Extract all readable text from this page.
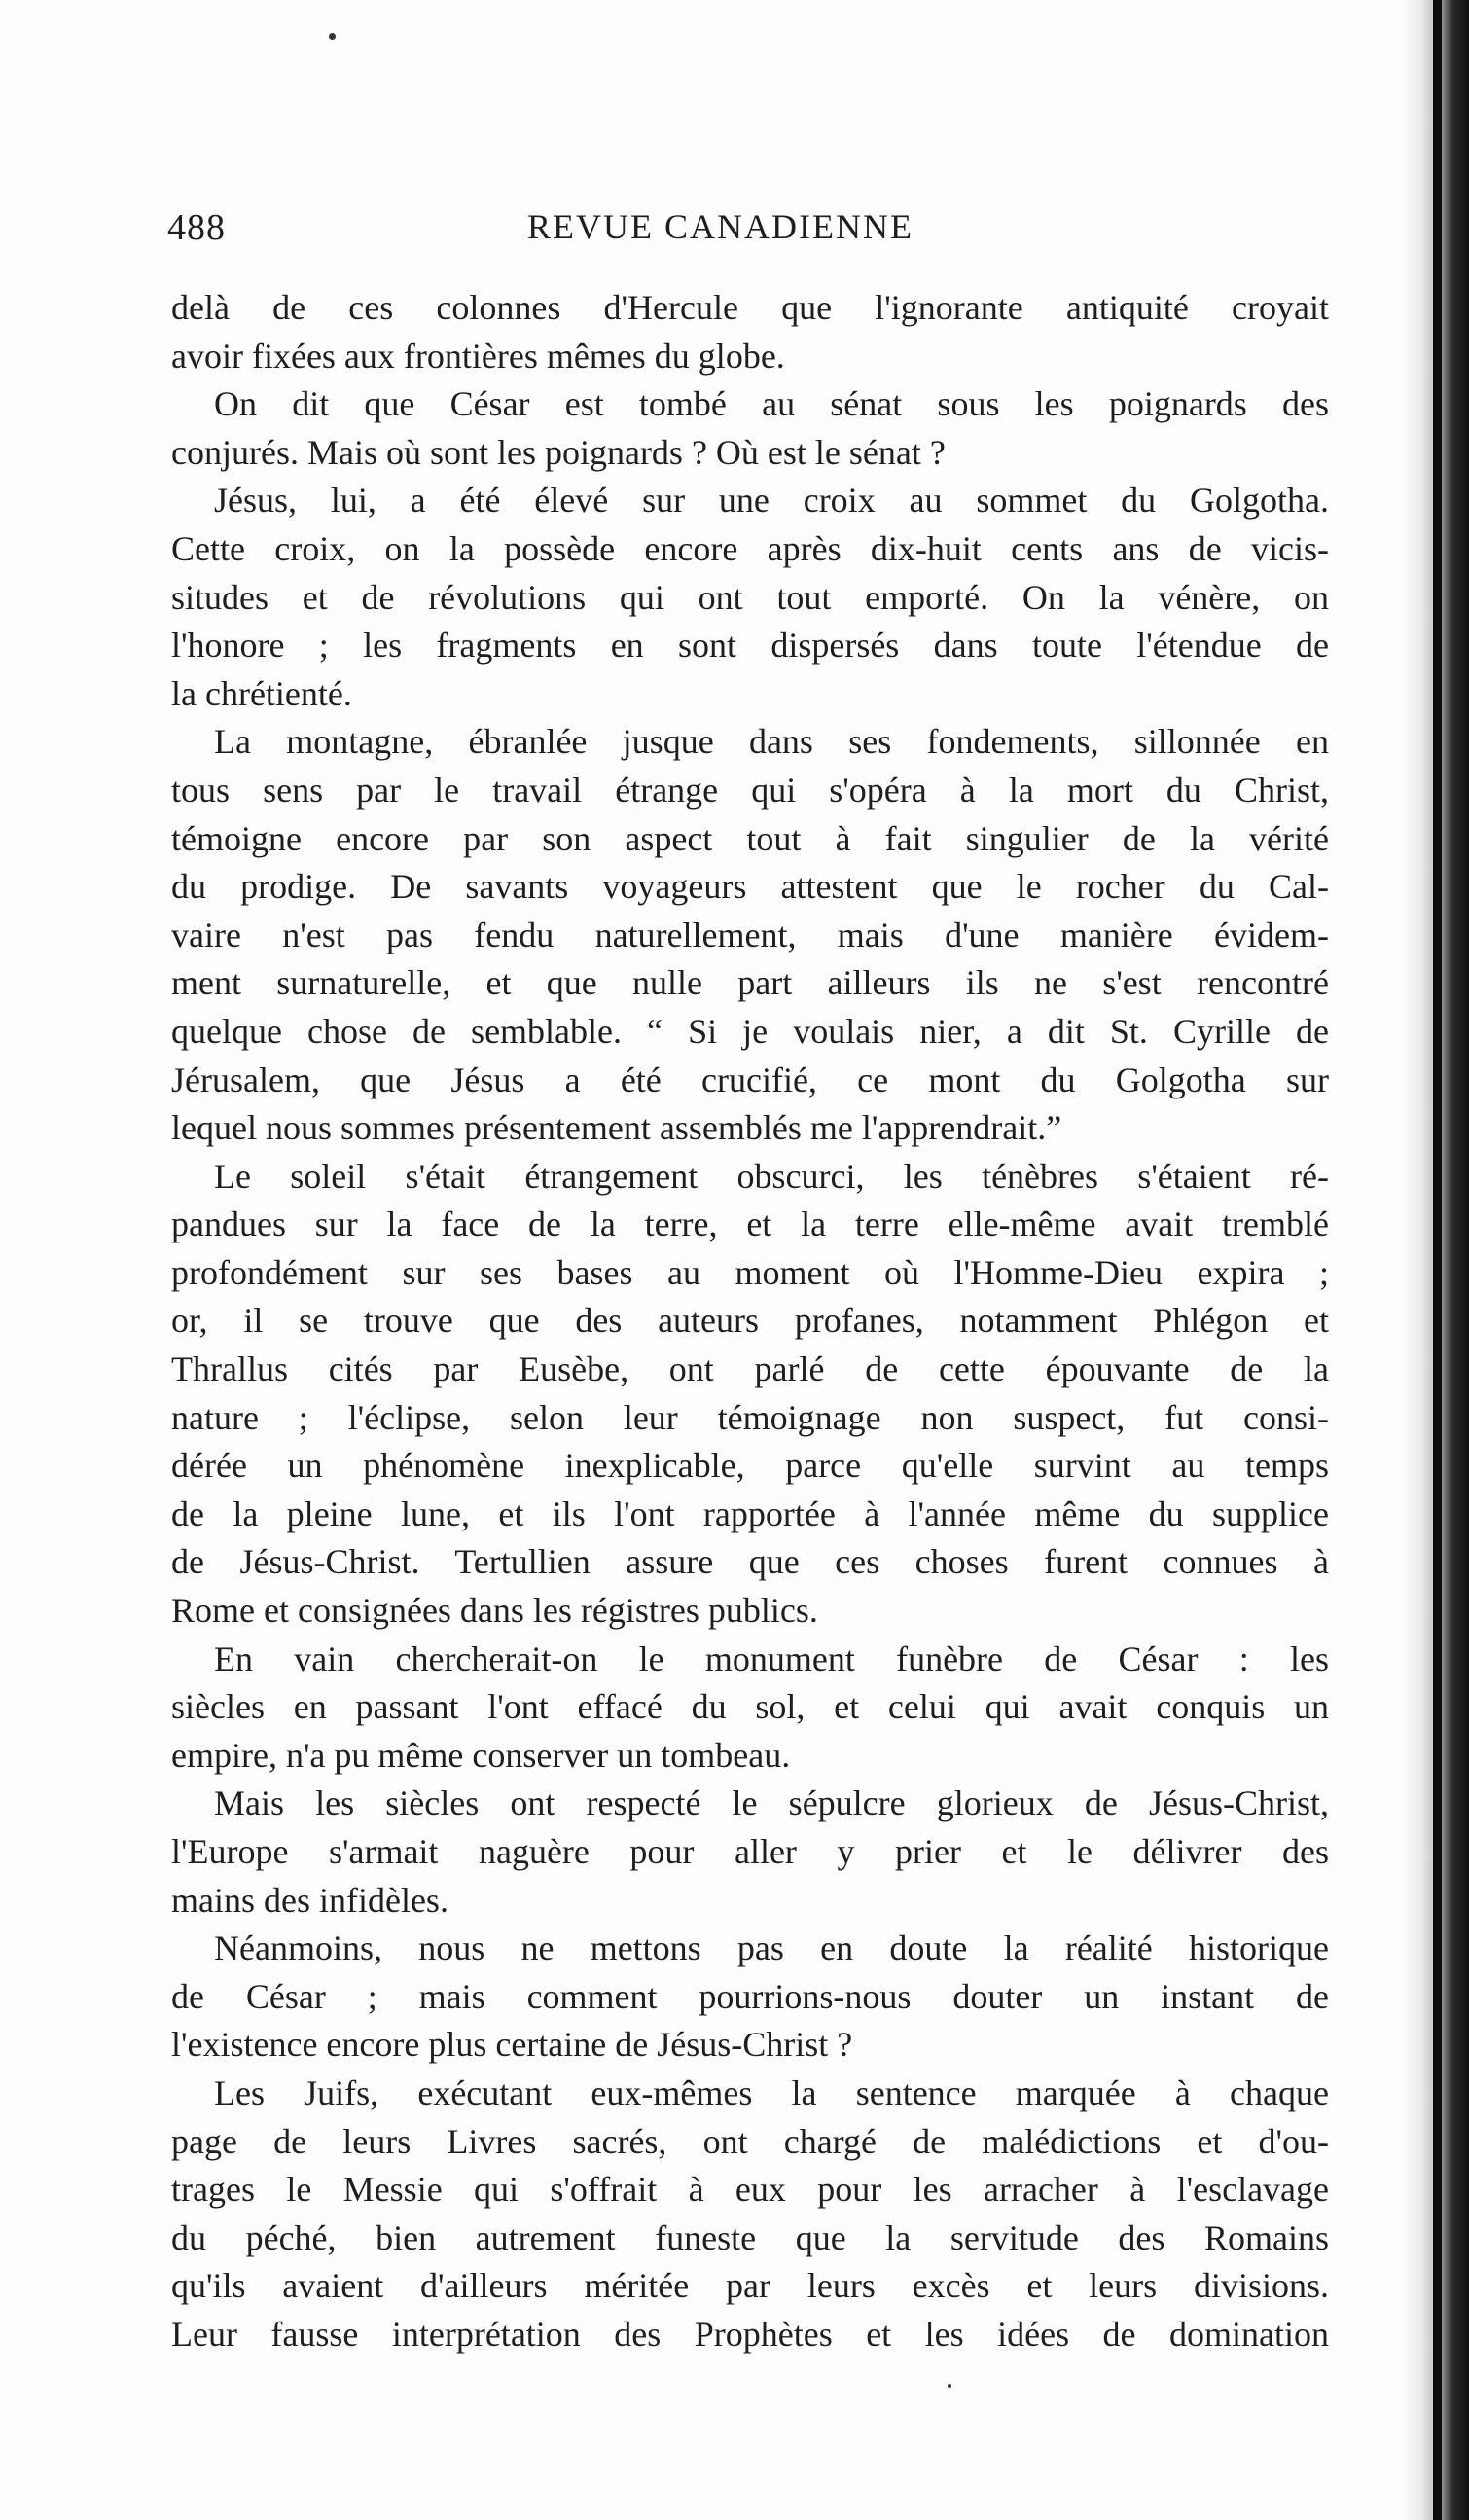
488	REVUE CANADIENNE
delà de ces colonnes d'Hercule que l'ignorante antiquité croyait
avoir fixées aux frontières mêmes du globe.
On dit que César est tombé au sénat sous les poignards des
conjurés. Mais où sont les poignards ? Où est le sénat ?
Jésus, lui, a été élevé sur une croix au sommet du Golgotha.
Cette croix, on la possède encore après dix-huit cents ans de vicis-
situdes et de révolutions qui ont tout emporté. On la vénère, on
l'honore ; les fragments en sont dispersés dans toute l'étendue de
la chrétienté.
La montagne, ébranlée jusque dans ses fondements, sillonnée en
tous sens par le travail étrange qui s'opéra à la mort du Christ,
témoigne encore par son aspect tout à fait singulier de la vérité
du prodige. De savants voyageurs attestent que le rocher du Cal-
vaire n'est pas fendu naturellement, mais d'une manière évidem-
ment surnaturelle, et que nulle part ailleurs ils ne s'est rencontré
quelque chose de semblable. “ Si je voulais nier, a dit St. Cyrille de
Jérusalem, que Jésus a été crucifié, ce mont du Golgotha sur
lequel nous sommes présentement assemblés me l'apprendrait.”
Le soleil s'était étrangement obscurci, les ténèbres s'étaient ré-
pandues sur la face de la terre, et la terre elle-même avait tremblé
profondément sur ses bases au moment où l'Homme-Dieu expira ;
or, il se trouve que des auteurs profanes, notamment Phlégon et
Thrallus cités par Eusèbe, ont parlé de cette épouvante de la
nature ; l'éclipse, selon leur témoignage non suspect, fut consi-
dérée un phénomène inexplicable, parce qu'elle survint au temps
de la pleine lune, et ils l'ont rapportée à l'année même du supplice
de Jésus-Christ. Tertullien assure que ces choses furent connues à
Rome et consignées dans les régistres publics.
En vain chercherait-on le monument funèbre de César : les
siècles en passant l'ont effacé du sol, et celui qui avait conquis un
empire, n'a pu même conserver un tombeau.
Mais les siècles ont respecté le sépulcre glorieux de Jésus-Christ,
l'Europe s'armait naguère pour aller y prier et le délivrer des
mains des infidèles.
Néanmoins, nous ne mettons pas en doute la réalité historique
de César ; mais comment pourrions-nous douter un instant de
l'existence encore plus certaine de Jésus-Christ ?
Les Juifs, exécutant eux-mêmes la sentence marquée à chaque
page de leurs Livres sacrés, ont chargé de malédictions et d'ou-
trages le Messie qui s'offrait à eux pour les arracher à l'esclavage
du péché, bien autrement funeste que la servitude des Romains
qu'ils avaient d'ailleurs méritée par leurs excès et leurs divisions.
Leur fausse interprétation des Prophètes et les idées de domination
